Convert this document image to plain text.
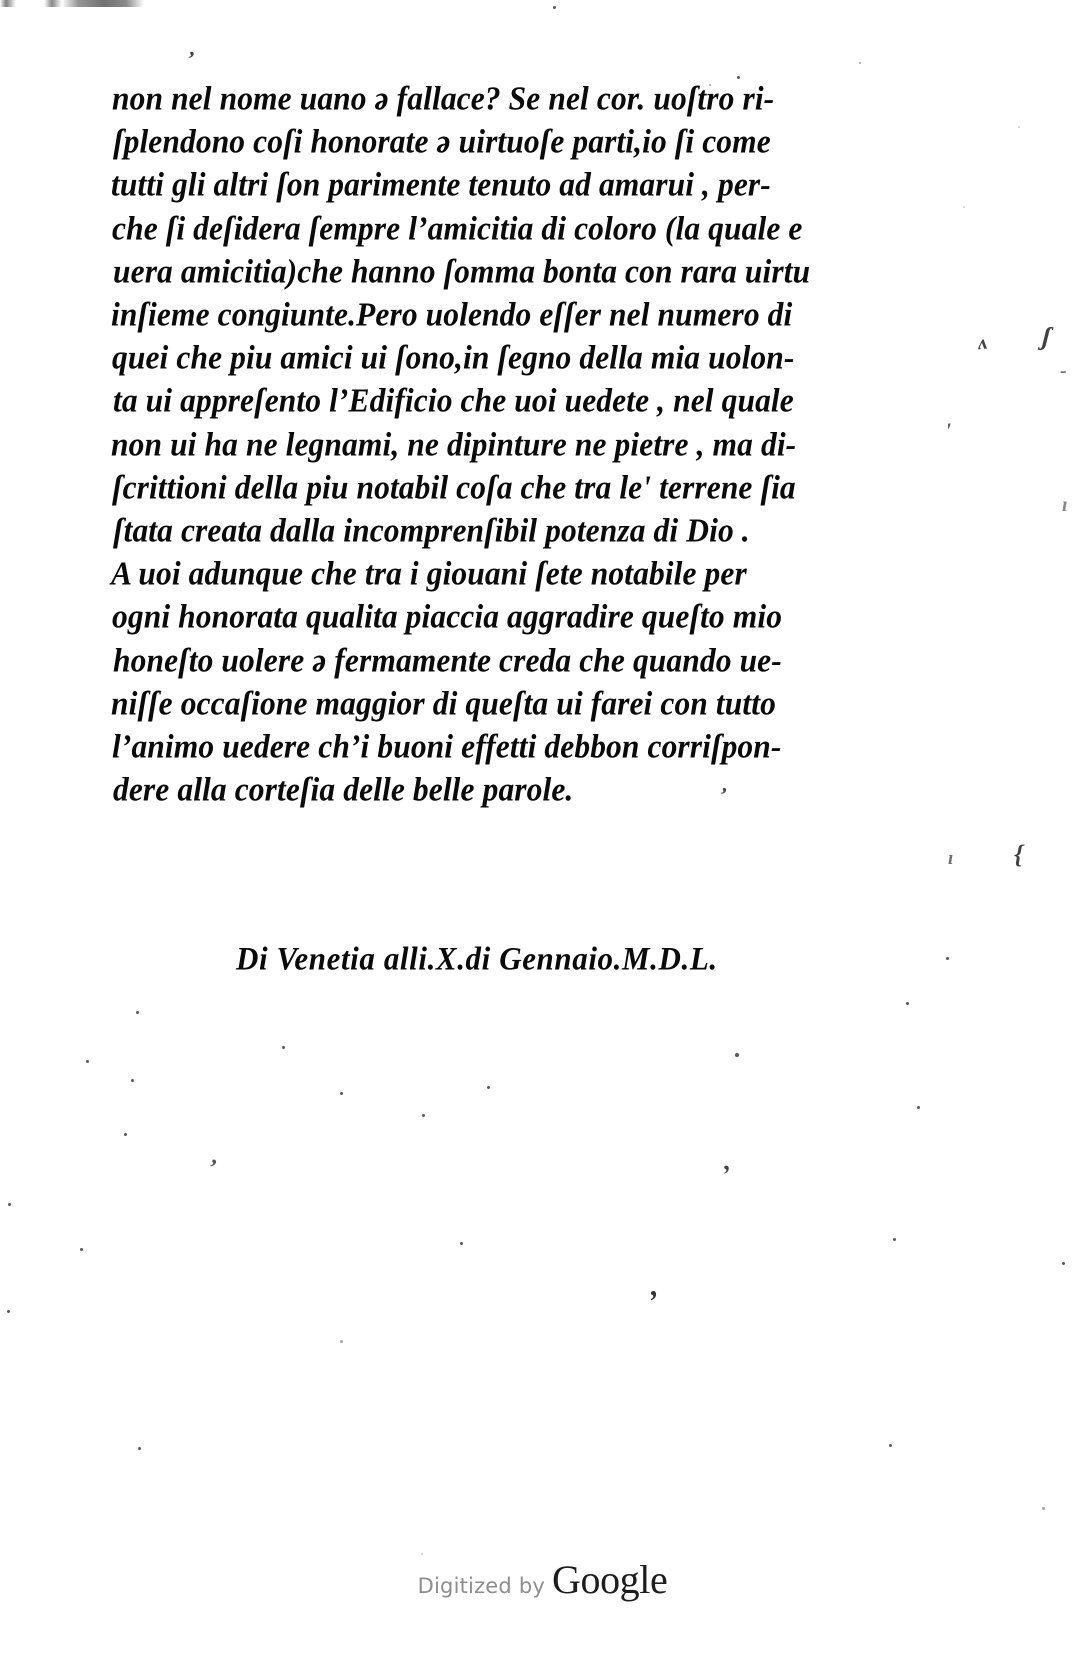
ʌ ʃ
-
'
ı
ı {
ʼ
ʼ	ʼ
ʼ
ʼ
non nel nome uano ǝ fallace? Se nel cor. uoſtro ri-
ſplendono coſi honorate ǝ uirtuoſe parti,io ſi come
tutti gli altri ſon parimente tenuto ad amarui , per-
che ſi deſidera ſempre l’amicitia di coloro (la quale e
uera amicitia)che hanno ſomma bonta con rara uirtu
inſieme congiunte.Pero uolendo eſſer nel numero di
quei che piu amici ui ſono,in ſegno della mia uolon-
ta ui appreſento l’Edificio che uoi uedete , nel quale
non ui ha ne legnami, ne dipinture ne pietre , ma di-
ſcrittioni della piu notabil coſa che tra le' terrene ſia
ſtata creata dalla incomprenſibil potenza di Dio .
A uoi adunque che tra i giouani ſete notabile per
ogni honorata qualita piaccia aggradire queſto mio
honeſto uolere ǝ fermamente creda che quando ue-
niſſe occaſione maggior di queſta ui farei con tutto
l’animo uedere ch’i buoni effetti debbon corriſpon-
dere alla corteſia delle belle parole.
Di Venetia alli.X.di Gennaio.M.D.L.
Digitized by Google
